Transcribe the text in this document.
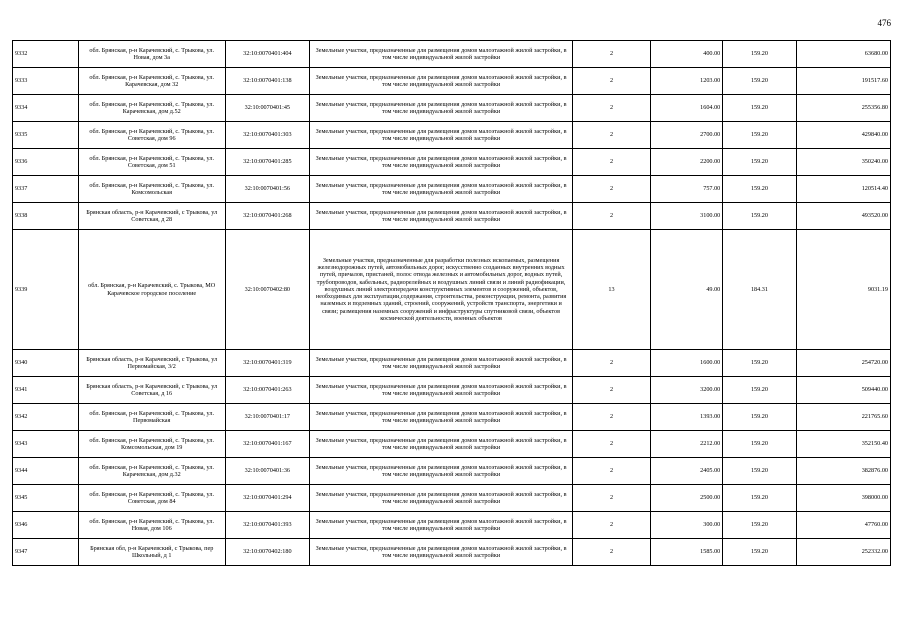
476
9332	обл. Брянская, р-н Карачевский, с. Трыкова, ул. Новая, дом 3а	32:10:0070401:404	Земельные участки, предназначенные для размещения домов малоэтажной жилой застройки, в том числе индивидуальной жилой застройки	2	400.00	159.20	63680.00
9333	обл. Брянская, р-н Карачевский, с. Трыкова, ул. Карачевская, дом 32	32:10:0070401:138	Земельные участки, предназначенные для размещения домов малоэтажной жилой застройки, в том числе индивидуальной жилой застройки	2	1203.00	159.20	191517.60
9334	обл. Брянская, р-н Карачевский, с. Трыкова, ул. Карачевская, дом д.52	32:10:0070401:45	Земельные участки, предназначенные для размещения домов малоэтажной жилой застройки, в том числе индивидуальной жилой застройки	2	1604.00	159.20	255356.80
9335	обл. Брянская, р-н Карачевский, с. Трыкова, ул. Советская, дом 96	32:10:0070401:303	Земельные участки, предназначенные для размещения домов малоэтажной жилой застройки, в том числе индивидуальной жилой застройки	2	2700.00	159.20	429840.00
9336	обл. Брянская, р-н Карачевский, с. Трыкова, ул. Советская, дом 51	32:10:0070401:285	Земельные участки, предназначенные для размещения домов малоэтажной жилой застройки, в том числе индивидуальной жилой застройки	2	2200.00	159.20	350240.00
9337	обл. Брянская, р-н Карачевский, с. Трыкова, ул. Комсомольская	32:10:0070401:56	Земельные участки, предназначенные для размещения домов малоэтажной жилой застройки, в том числе индивидуальной жилой застройки	2	757.00	159.20	120514.40
9338	Брянская область, р-н Карачевский, с Трыкова, ул Советская, д 28	32:10:0070401:268	Земельные участки, предназначенные для размещения домов малоэтажной жилой застройки, в том числе индивидуальной жилой застройки	2	3100.00	159.20	493520.00
9339	обл. Брянская, р-н Карачевский, с. Трыкова, МО Карачевское городское поселение	32:10:0070402:80	Земельные участки, предназначенные для разработки полезных ископаемых, размещения железнодорожных путей, автомобильных дорог, искусственно созданных внутренних водных путей, причалов, пристаней, полос отвода железных и автомобильных дорог, водных путей, трубопроводов, кабельных, радиорелейных и воздушных линий связи и линий радиофикации, воздушных линий электропередачи конструктивных элементов и сооружений, объектов, необходимых для эксплуатации,содержания, строительства, реконструкции, ремонта, развития наземных и подземных зданий, строений, сооружений, устройств транспорта, энергетики и связи; размещения наземных сооружений и инфраструктуры спутниковой связи, объектов космической деятельности, военных объектов	13	49.00	184.31	9031.19
9340	Брянская область, р-н Карачевский, с Трыкова, ул Первомайская, 3/2	32:10:0070401:319	Земельные участки, предназначенные для размещения домов малоэтажной жилой застройки, в том числе индивидуальной жилой застройки	2	1600.00	159.20	254720.00
9341	Брянская область, р-н Карачевский, с Трыкова, ул Советская, д 16	32:10:0070401:263	Земельные участки, предназначенные для размещения домов малоэтажной жилой застройки, в том числе индивидуальной жилой застройки	2	3200.00	159.20	509440.00
9342	обл. Брянская, р-н Карачевский, с. Трыкова, ул. Первомайская	32:10:0070401:17	Земельные участки, предназначенные для размещения домов малоэтажной жилой застройки, в том числе индивидуальной жилой застройки	2	1393.00	159.20	221765.60
9343	обл. Брянская, р-н Карачевский, с. Трыкова, ул. Комсомольская, дом 19	32:10:0070401:167	Земельные участки, предназначенные для размещения домов малоэтажной жилой застройки, в том числе индивидуальной жилой застройки	2	2212.00	159.20	352150.40
9344	обл. Брянская, р-н Карачевский, с. Трыкова, ул. Карачевская, дом д.32	32:10:0070401:36	Земельные участки, предназначенные для размещения домов малоэтажной жилой застройки, в том числе индивидуальной жилой застройки	2	2405.00	159.20	382876.00
9345	обл. Брянская, р-н Карачевский, с. Трыкова, ул. Советская, дом 84	32:10:0070401:294	Земельные участки, предназначенные для размещения домов малоэтажной жилой застройки, в том числе индивидуальной жилой застройки	2	2500.00	159.20	398000.00
9346	обл. Брянская, р-н Карачевский, с. Трыкова, ул. Новая, дом 106	32:10:0070401:393	Земельные участки, предназначенные для размещения домов малоэтажной жилой застройки, в том числе индивидуальной жилой застройки	2	300.00	159.20	47760.00
9347	Брянская обл, р-н Карачевский, с Трыкова, пер Школьный, д 1	32:10:0070402:180	Земельные участки, предназначенные для размещения домов малоэтажной жилой застройки, в том числе индивидуальной жилой застройки	2	1585.00	159.20	252332.00
